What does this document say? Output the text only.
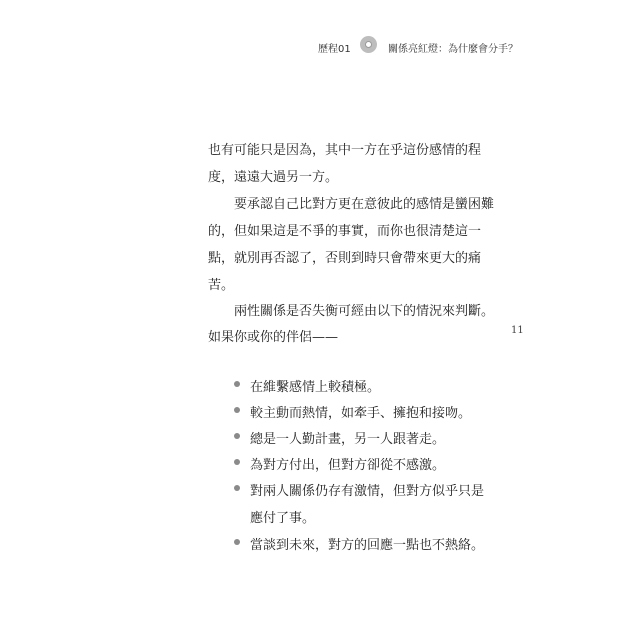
歷程01	關係亮紅燈：為什麼會分手？
也有可能只是因為，其中一方在乎這份感情的程
度，遠遠大過另一方。
要承認自己比對方更在意彼此的感情是蠻困難
的，但如果這是不爭的事實，而你也很清楚這一
點，就別再否認了，否則到時只會帶來更大的痛
苦。
兩性關係是否失衡可經由以下的情況來判斷。
如果你或你的伴侶——	11
在維繫感情上較積極。
較主動而熱情，如牽手、擁抱和接吻。
總是一人勤計畫，另一人跟著走。
為對方付出，但對方卻從不感激。
對兩人關係仍存有激情，但對方似乎只是
應付了事。
當談到未來，對方的回應一點也不熱絡。
